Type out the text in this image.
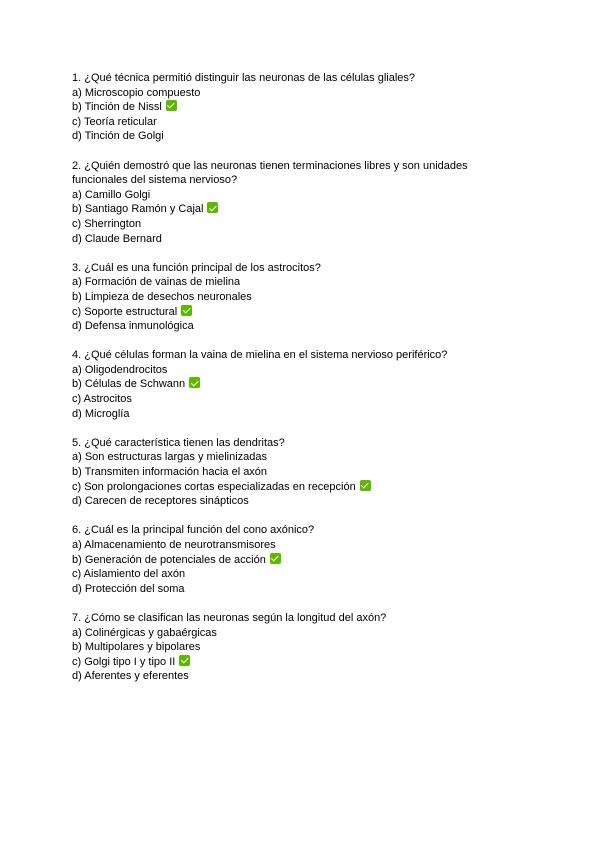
1. ¿Qué técnica permitió distinguir las neuronas de las células gliales?
a) Microscopio compuesto
b) Tinción de Nissl
c) Teoría reticular
d) Tinción de Golgi
2. ¿Quién demostró que las neuronas tienen terminaciones libres y son unidades funcionales del sistema nervioso?
a) Camillo Golgi
b) Santiago Ramón y Cajal
c) Sherrington
d) Claude Bernard
3. ¿Cuál es una función principal de los astrocitos?
a) Formación de vainas de mielina
b) Limpieza de desechos neuronales
c) Soporte estructural
d) Defensa inmunológica
4. ¿Qué células forman la vaina de mielina en el sistema nervioso periférico?
a) Oligodendrocitos
b) Células de Schwann
c) Astrocitos
d) Microglía
5. ¿Qué característica tienen las dendritas?
a) Son estructuras largas y mielinizadas
b) Transmiten información hacia el axón
c) Son prolongaciones cortas especializadas en recepción
d) Carecen de receptores sinápticos
6. ¿Cuál es la principal función del cono axónico?
a) Almacenamiento de neurotransmisores
b) Generación de potenciales de acción
c) Aislamiento del axón
d) Protección del soma
7. ¿Cómo se clasifican las neuronas según la longitud del axón?
a) Colinérgicas y gabaérgicas
b) Multipolares y bipolares
c) Golgi tipo I y tipo II
d) Aferentes y eferentes
